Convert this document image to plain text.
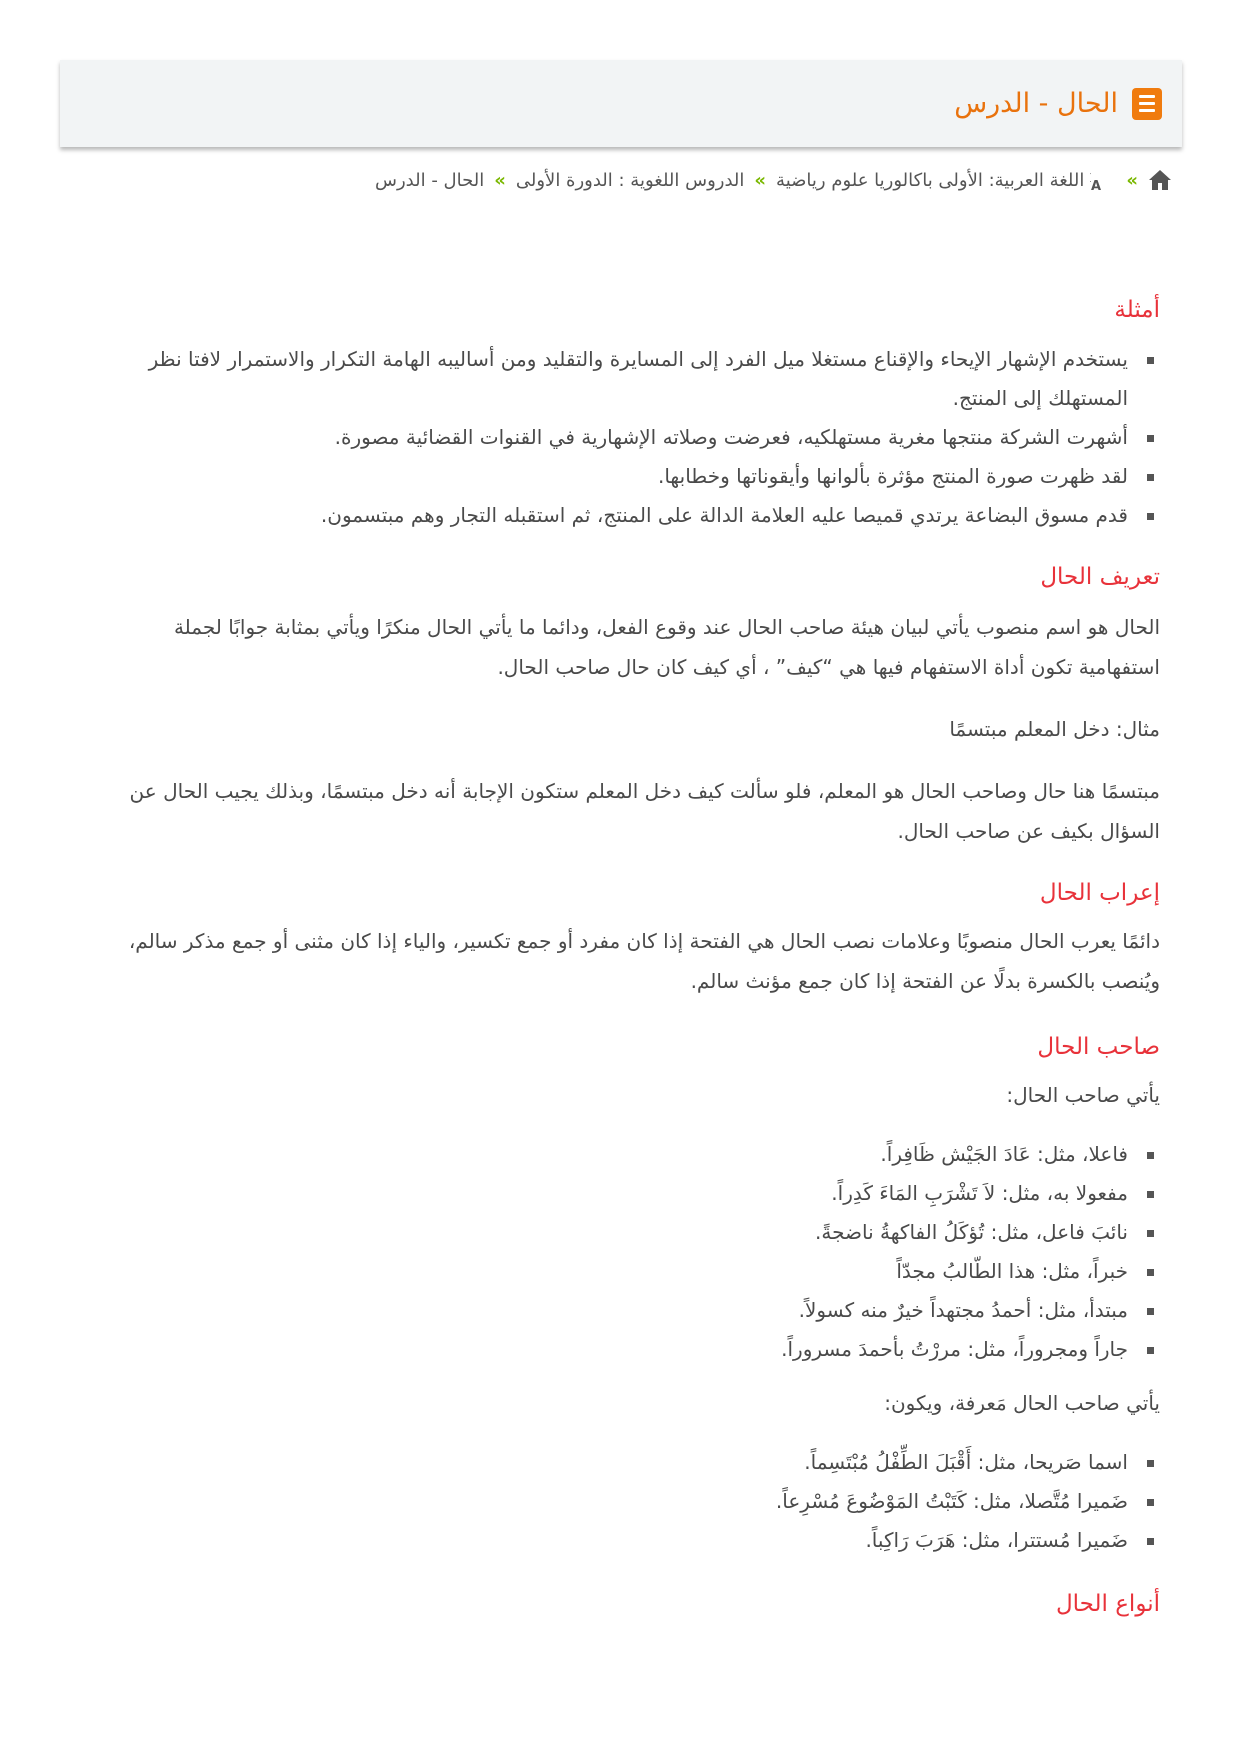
الحال - الدرس
»
A
اللغة العربية: الأولى باكالوريا علوم رياضية
»
الدروس اللغوية : الدورة الأولى
»
الحال - الدرس
أمثلة
يستخدم الإشهار الإيحاء والإقناع مستغلا ميل الفرد إلى المسايرة والتقليد ومن أساليبه الهامة التكرار والاستمرار لافتا نظر المستهلك إلى المنتج.
أشهرت الشركة منتجها مغرية مستهلكيه، فعرضت وصلاته الإشهارية في القنوات القضائية مصورة.
لقد ظهرت صورة المنتج مؤثرة بألوانها وأيقوناتها وخطابها.
قدم مسوق البضاعة يرتدي قميصا عليه العلامة الدالة على المنتج، ثم استقبله التجار وهم مبتسمون.
تعريف الحال

الحال هو اسم منصوب يأتي لبيان هيئة صاحب الحال عند وقوع الفعل، ودائما ما يأتي الحال منكرًا ويأتي بمثابة جوابًا لجملة استفهامية تكون أداة الاستفهام فيها هي “كيف” ، أي كيف كان حال صاحب الحال.

مثال: دخل المعلم مبتسمًا

مبتسمًا هنا حال وصاحب الحال هو المعلم، فلو سألت كيف دخل المعلم ستكون الإجابة أنه دخل مبتسمًا، وبذلك يجيب الحال عن السؤال بكيف عن صاحب الحال.

إعراب الحال

دائمًا يعرب الحال منصوبًا وعلامات نصب الحال هي الفتحة إذا كان مفرد أو جمع تكسير، والياء إذا كان مثنى أو جمع مذكر سالم، ويُنصب بالكسرة بدلًا عن الفتحة إذا كان جمع مؤنث سالم.

صاحب الحال

يأتي صاحب الحال:

فاعلا، مثل: عَادَ الجَيْش ظَافِراً.
مفعولا به، مثل: لاَ تَشْرَبِ المَاءَ كَدِراً.
نائبَ فاعل، مثل: تُؤكَلُ الفاكهةُ ناضجةً.
خبراً، مثل: هذا الطّالبُ مجدّاً
مبتدأ، مثل: أحمدُ مجتهداً خيرٌ منه كسولاً.
جاراً ومجروراً، مثل: مررْتُ بأحمدَ مسروراً.

يأتي صاحب الحال مَعرفة، ويكون:

اسما صَريحا، مثل: أَقْبَلَ الطِّفْلُ مُبْتَسِماً.
ضَميرا مُتَّصلا، مثل: كَتَبْتُ المَوْضُوعَ مُسْرِعاً.
ضَميرا مُستترا، مثل: هَرَبَ رَاكِباً.
أنواع الحال
